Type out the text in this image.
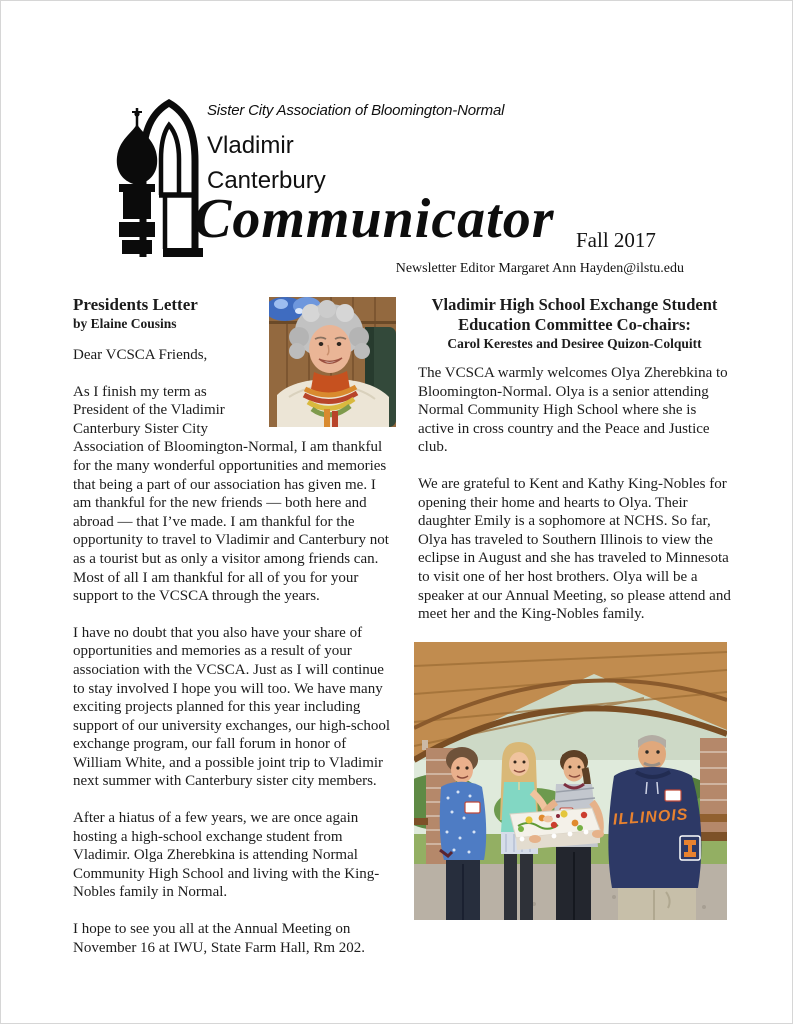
Sister City Association of Bloomington-Normal
Vladimir
Canterbury
Communicator Fall 2017
Newsletter Editor Margaret Ann Hayden@ilstu.edu
Presidents Letter
by Elaine Cousins

Dear VCSCA Friends,

As I finish my term as President of the Vladimir Canterbury Sister City Association of Bloomington-Normal, I am thankful for the many wonderful opportunities and memories that being a part of our association has given me. I am thankful for the new friends — both here and abroad — that I’ve made. I am thankful for the opportunity to travel to Vladimir and Canterbury not as a tourist but as only a visitor among friends can. Most of all I am thankful for all of you for your support to the VCSCA through the years.

I have no doubt that you also have your share of opportunities and memories as a result of your association with the VCSCA. Just as I will continue to stay involved I hope you will too. We have many exciting projects planned for this year including support of our university exchanges, our high-school exchange program, our fall forum in honor of William White, and a possible joint trip to Vladimir next summer with Canterbury sister city members.

After a hiatus of a few years, we are once again hosting a high-school exchange student from Vladimir. Olga Zherebkina is attending Normal Community High School and living with the King-Nobles family in Normal.

I hope to see you all at the Annual Meeting on November 16 at IWU, State Farm Hall, Rm 202.

Vladimir High School Exchange Student
Education Committee Co-chairs:
Carol Kerestes and Desiree Quizon-Colquitt

The VCSCA warmly welcomes Olya Zherebkina to Bloomington-Normal. Olya is a senior attending Normal Community High School where she is active in cross country and the Peace and Justice club.

We are grateful to Kent and Kathy King-Nobles for opening their home and hearts to Olya. Their daughter Emily is a sophomore at NCHS. So far, Olya has traveled to Southern Illinois to view the eclipse in August and she has traveled to Minnesota to visit one of her host brothers. Olya will be a speaker at our Annual Meeting, so please attend and meet her and the King-Nobles family.

ILLINOIS
